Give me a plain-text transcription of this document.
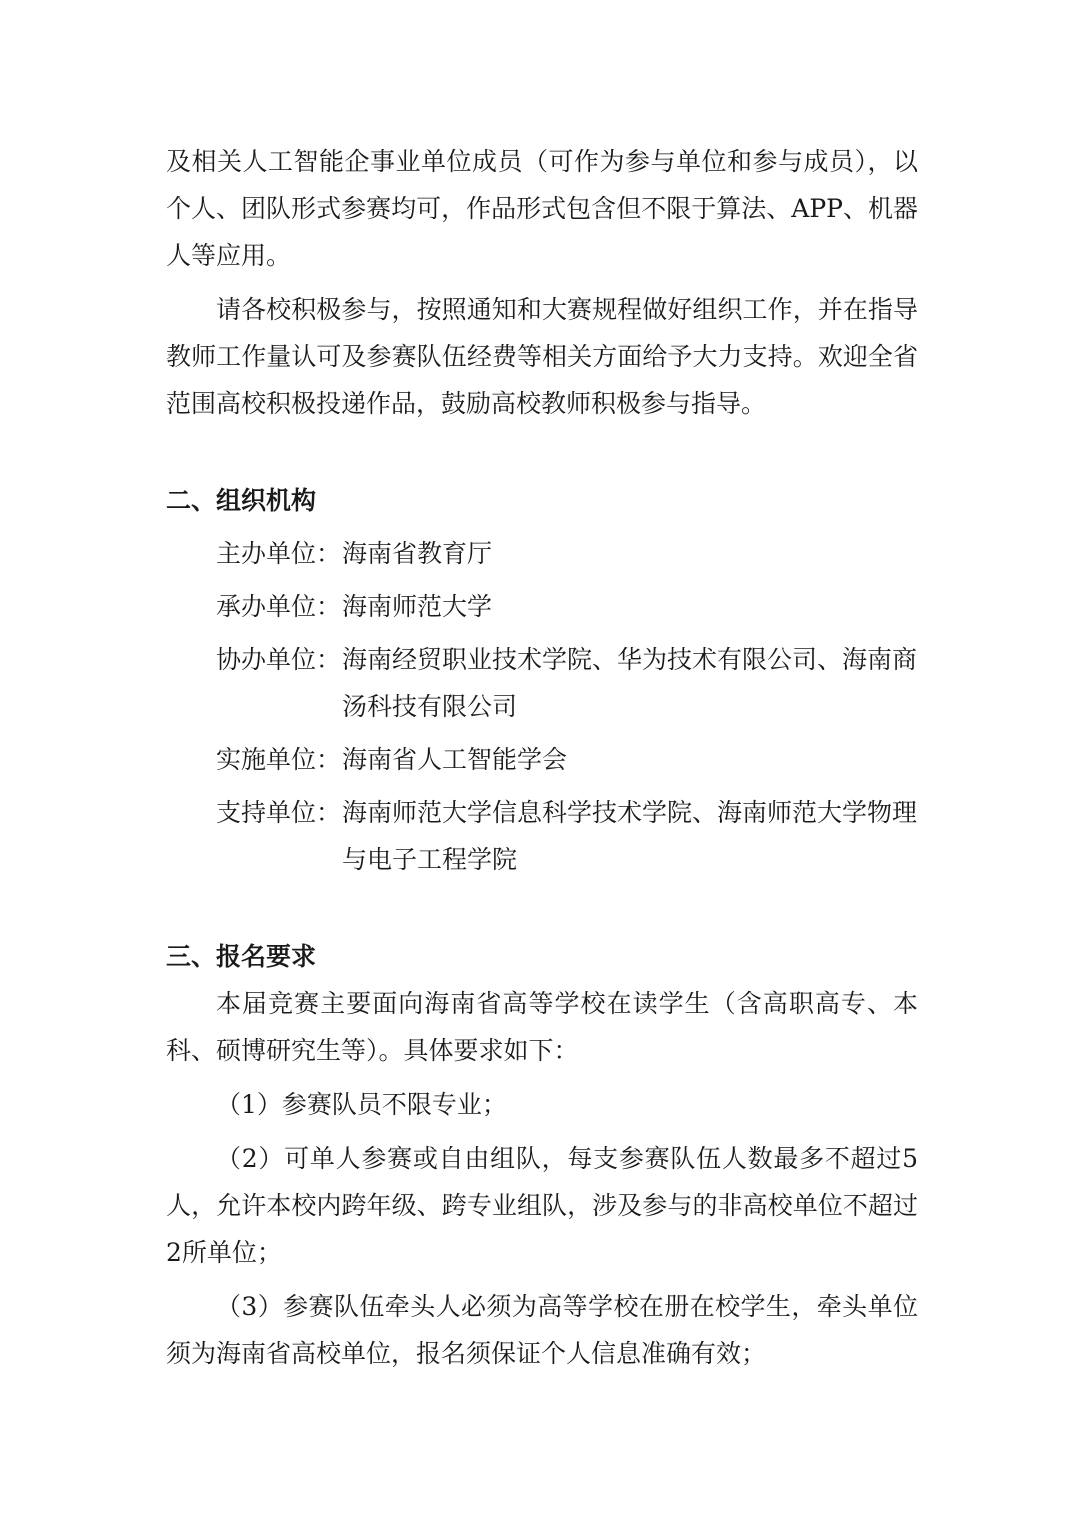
及相关人工智能企事业单位成员（可作为参与单位和参与成员），以个人、团队形式参赛均可，作品形式包含但不限于算法、APP、机器人等应用。

请各校积极参与，按照通知和大赛规程做好组织工作，并在指导教师工作量认可及参赛队伍经费等相关方面给予大力支持。欢迎全省范围高校积极投递作品，鼓励高校教师积极参与指导。

二、组织机构
主办单位： 海南省教育厅
承办单位： 海南师范大学
协办单位： 海南经贸职业技术学院、华为技术有限公司、海南商汤科技有限公司
实施单位： 海南省人工智能学会
支持单位： 海南师范大学信息科学技术学院、海南师范大学物理与电子工程学院
三、报名要求

本届竞赛主要面向海南省高等学校在读学生（含高职高专、本科、硕博研究生等）。具体要求如下：

（1）参赛队员不限专业；

（2）可单人参赛或自由组队，每支参赛队伍人数最多不超过5人，允许本校内跨年级、跨专业组队，涉及参与的非高校单位不超过2所单位；

（3）参赛队伍牵头人必须为高等学校在册在校学生，牵头单位须为海南省高校单位，报名须保证个人信息准确有效；
